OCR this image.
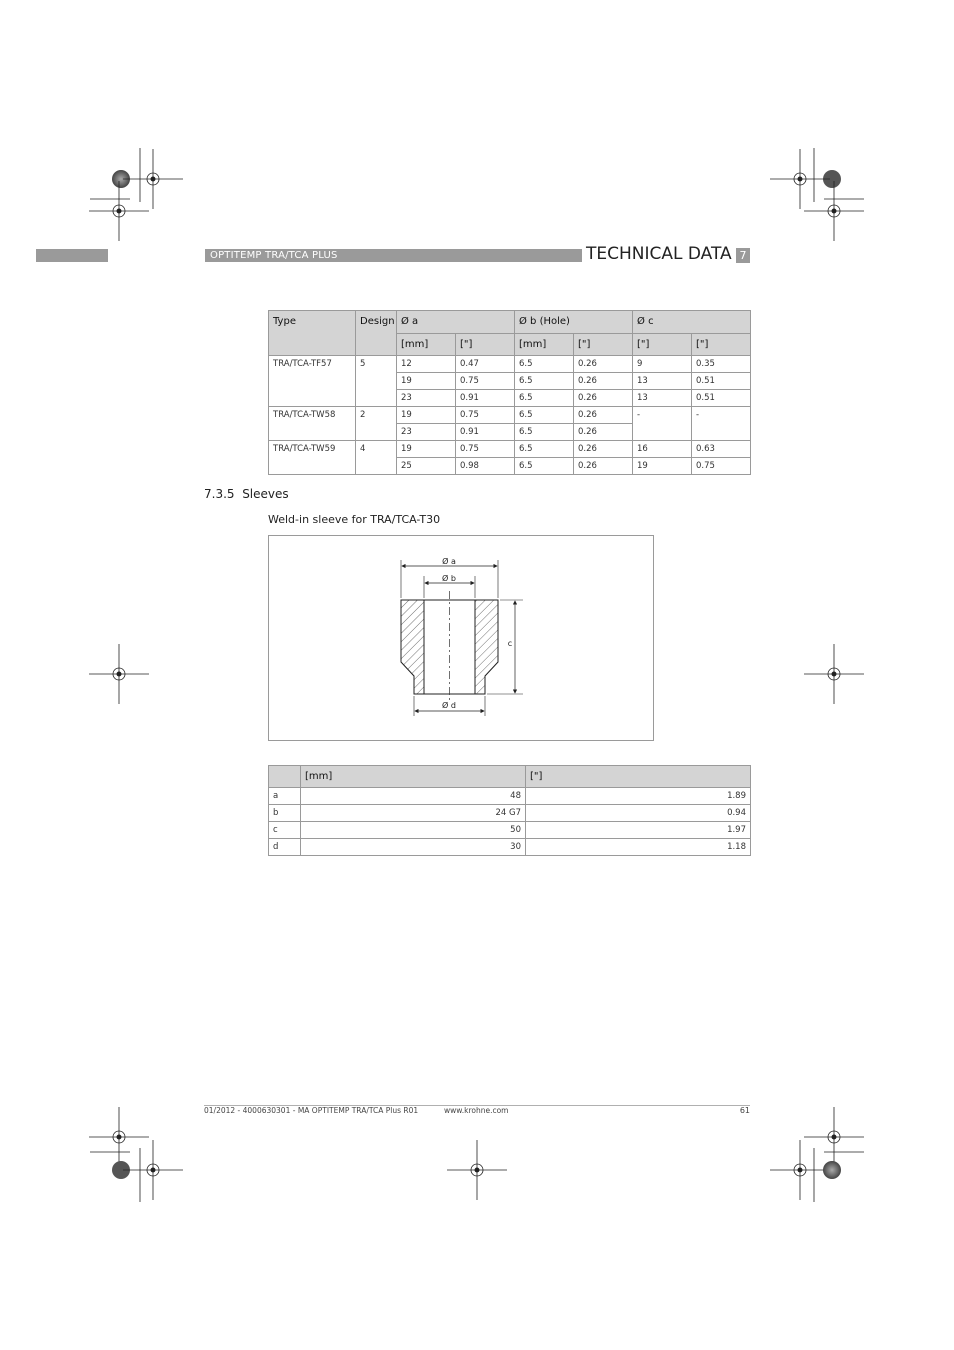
OPTITEMP TRA/TCA PLUS	TECHNICAL DATA 7
Type	Design	Ø a		Ø b (Hole)		Ø c	
		[mm]	["]	[mm]	["]	["]	["]
TRA/TCA-TF57	5	12	0.47	6.5	0.26	9	0.35
		19	0.75	6.5	0.26	13	0.51
		23	0.91	6.5	0.26	13	0.51
TRA/TCA-TW58	2	19	0.75	6.5	0.26	-	-
		23	0.91	6.5	0.26		
TRA/TCA-TW59	4	19	0.75	6.5	0.26	16	0.63
		25	0.98	6.5	0.26	19	0.75
7.3.5 Sleeves
Weld-in sleeve for TRA/TCA-T30
Ø a
Ø b
c
Ø d
	[mm]	["]
a	48	1.89
b	24 G7	0.94
c	50	1.97
d	30	1.18
01/2012 - 4000630301 - MA OPTITEMP TRA/TCA Plus R01	www.krohne.com	61
